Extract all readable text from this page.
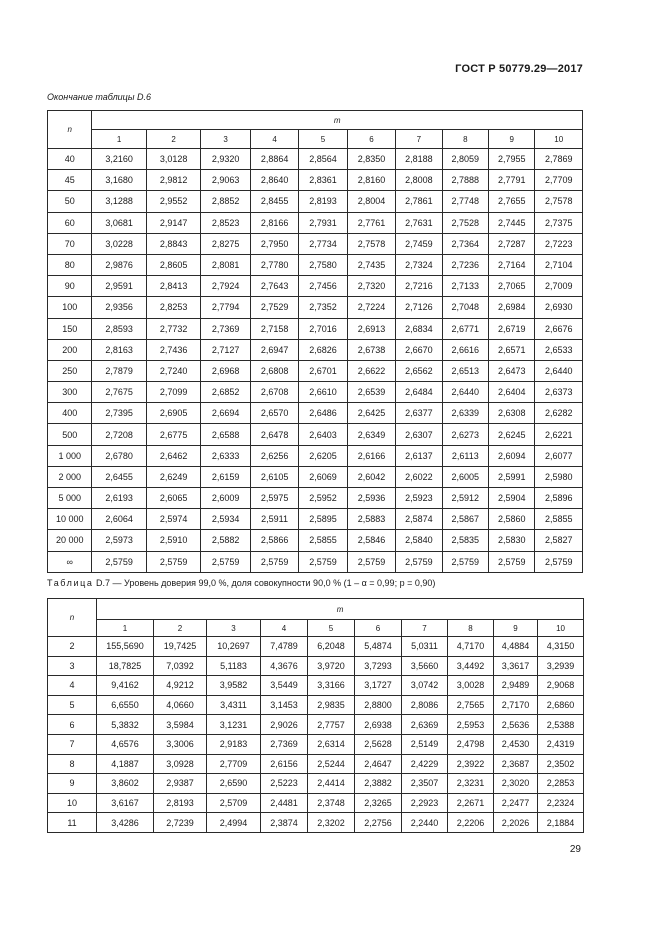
ГОСТ Р 50779.29—2017
Окончание таблицы D.6
n	m									
	1	2	3	4	5	6	7	8	9	10
40	3,2160	3,0128	2,9320	2,8864	2,8564	2,8350	2,8188	2,8059	2,7955	2,7869
45	3,1680	2,9812	2,9063	2,8640	2,8361	2,8160	2,8008	2,7888	2,7791	2,7709
50	3,1288	2,9552	2,8852	2,8455	2,8193	2,8004	2,7861	2,7748	2,7655	2,7578
60	3,0681	2,9147	2,8523	2,8166	2,7931	2,7761	2,7631	2,7528	2,7445	2,7375
70	3,0228	2,8843	2,8275	2,7950	2,7734	2,7578	2,7459	2,7364	2,7287	2,7223
80	2,9876	2,8605	2,8081	2,7780	2,7580	2,7435	2,7324	2,7236	2,7164	2,7104
90	2,9591	2,8413	2,7924	2,7643	2,7456	2,7320	2,7216	2,7133	2,7065	2,7009
100	2,9356	2,8253	2,7794	2,7529	2,7352	2,7224	2,7126	2,7048	2,6984	2,6930
150	2,8593	2,7732	2,7369	2,7158	2,7016	2,6913	2,6834	2,6771	2,6719	2,6676
200	2,8163	2,7436	2,7127	2,6947	2,6826	2,6738	2,6670	2,6616	2,6571	2,6533
250	2,7879	2,7240	2,6968	2,6808	2,6701	2,6622	2,6562	2,6513	2,6473	2,6440
300	2,7675	2,7099	2,6852	2,6708	2,6610	2,6539	2,6484	2,6440	2,6404	2,6373
400	2,7395	2,6905	2,6694	2,6570	2,6486	2,6425	2,6377	2,6339	2,6308	2,6282
500	2,7208	2,6775	2,6588	2,6478	2,6403	2,6349	2,6307	2,6273	2,6245	2,6221
1 000	2,6780	2,6462	2,6333	2,6256	2,6205	2,6166	2,6137	2,6113	2,6094	2,6077
2 000	2,6455	2,6249	2,6159	2,6105	2,6069	2,6042	2,6022	2,6005	2,5991	2,5980
5 000	2,6193	2,6065	2,6009	2,5975	2,5952	2,5936	2,5923	2,5912	2,5904	2,5896
10 000	2,6064	2,5974	2,5934	2,5911	2,5895	2,5883	2,5874	2,5867	2,5860	2,5855
20 000	2,5973	2,5910	2,5882	2,5866	2,5855	2,5846	2,5840	2,5835	2,5830	2,5827
∞	2,5759	2,5759	2,5759	2,5759	2,5759	2,5759	2,5759	2,5759	2,5759	2,5759
Таблица D.7 — Уровень доверия 99,0 %, доля совокупности 90,0 % (1 – α = 0,99; p = 0,90)
n	m									
	1	2	3	4	5	6	7	8	9	10
2	155,5690	19,7425	10,2697	7,4789	6,2048	5,4874	5,0311	4,7170	4,4884	4,3150
3	18,7825	7,0392	5,1183	4,3676	3,9720	3,7293	3,5660	3,4492	3,3617	3,2939
4	9,4162	4,9212	3,9582	3,5449	3,3166	3,1727	3,0742	3,0028	2,9489	2,9068
5	6,6550	4,0660	3,4311	3,1453	2,9835	2,8800	2,8086	2,7565	2,7170	2,6860
6	5,3832	3,5984	3,1231	2,9026	2,7757	2,6938	2,6369	2,5953	2,5636	2,5388
7	4,6576	3,3006	2,9183	2,7369	2,6314	2,5628	2,5149	2,4798	2,4530	2,4319
8	4,1887	3,0928	2,7709	2,6156	2,5244	2,4647	2,4229	2,3922	2,3687	2,3502
9	3,8602	2,9387	2,6590	2,5223	2,4414	2,3882	2,3507	2,3231	2,3020	2,2853
10	3,6167	2,8193	2,5709	2,4481	2,3748	2,3265	2,2923	2,2671	2,2477	2,2324
11	3,4286	2,7239	2,4994	2,3874	2,3202	2,2756	2,2440	2,2206	2,2026	2,1884
29
